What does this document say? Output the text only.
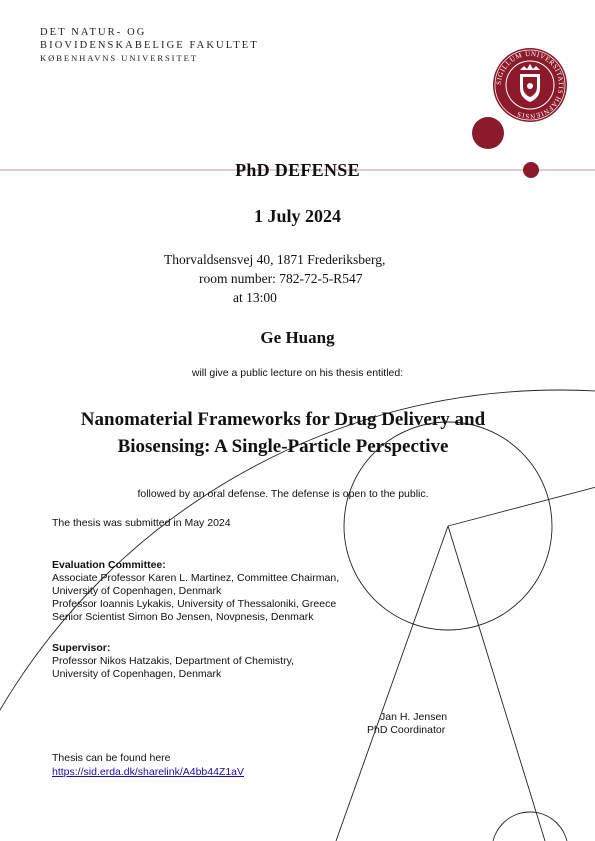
SIGILLUM UNIVERSITATIS HAFNIENSIS
DET NATUR- OG
BIOVIDENSKABELIGE FAKULTET
KØBENHAVNS UNIVERSITET
PhD DEFENSE
1 July 2024
Thorvaldsensvej 40, 1871 Frederiksberg,
room number: 782-72-5-R547
at 13:00
Ge Huang
will give a public lecture on his thesis entitled:
Nanomaterial Frameworks for Drug Delivery and
Biosensing: A Single-Particle Perspective
followed by an oral defense. The defense is open to the public.
The thesis was submitted in May 2024
Evaluation Committee:
Associate Professor Karen L. Martinez, Committee Chairman,
University of Copenhagen, Denmark
Professor Ioannis Lykakis, University of Thessaloniki, Greece
Senior Scientist Simon Bo Jensen, Novpnesis, Denmark
Supervisor:
Professor Nikos Hatzakis, Department of Chemistry,
University of Copenhagen, Denmark
Jan H. Jensen
PhD Coordinator
Thesis can be found here
https://sid.erda.dk/sharelink/A4bb44Z1aV
